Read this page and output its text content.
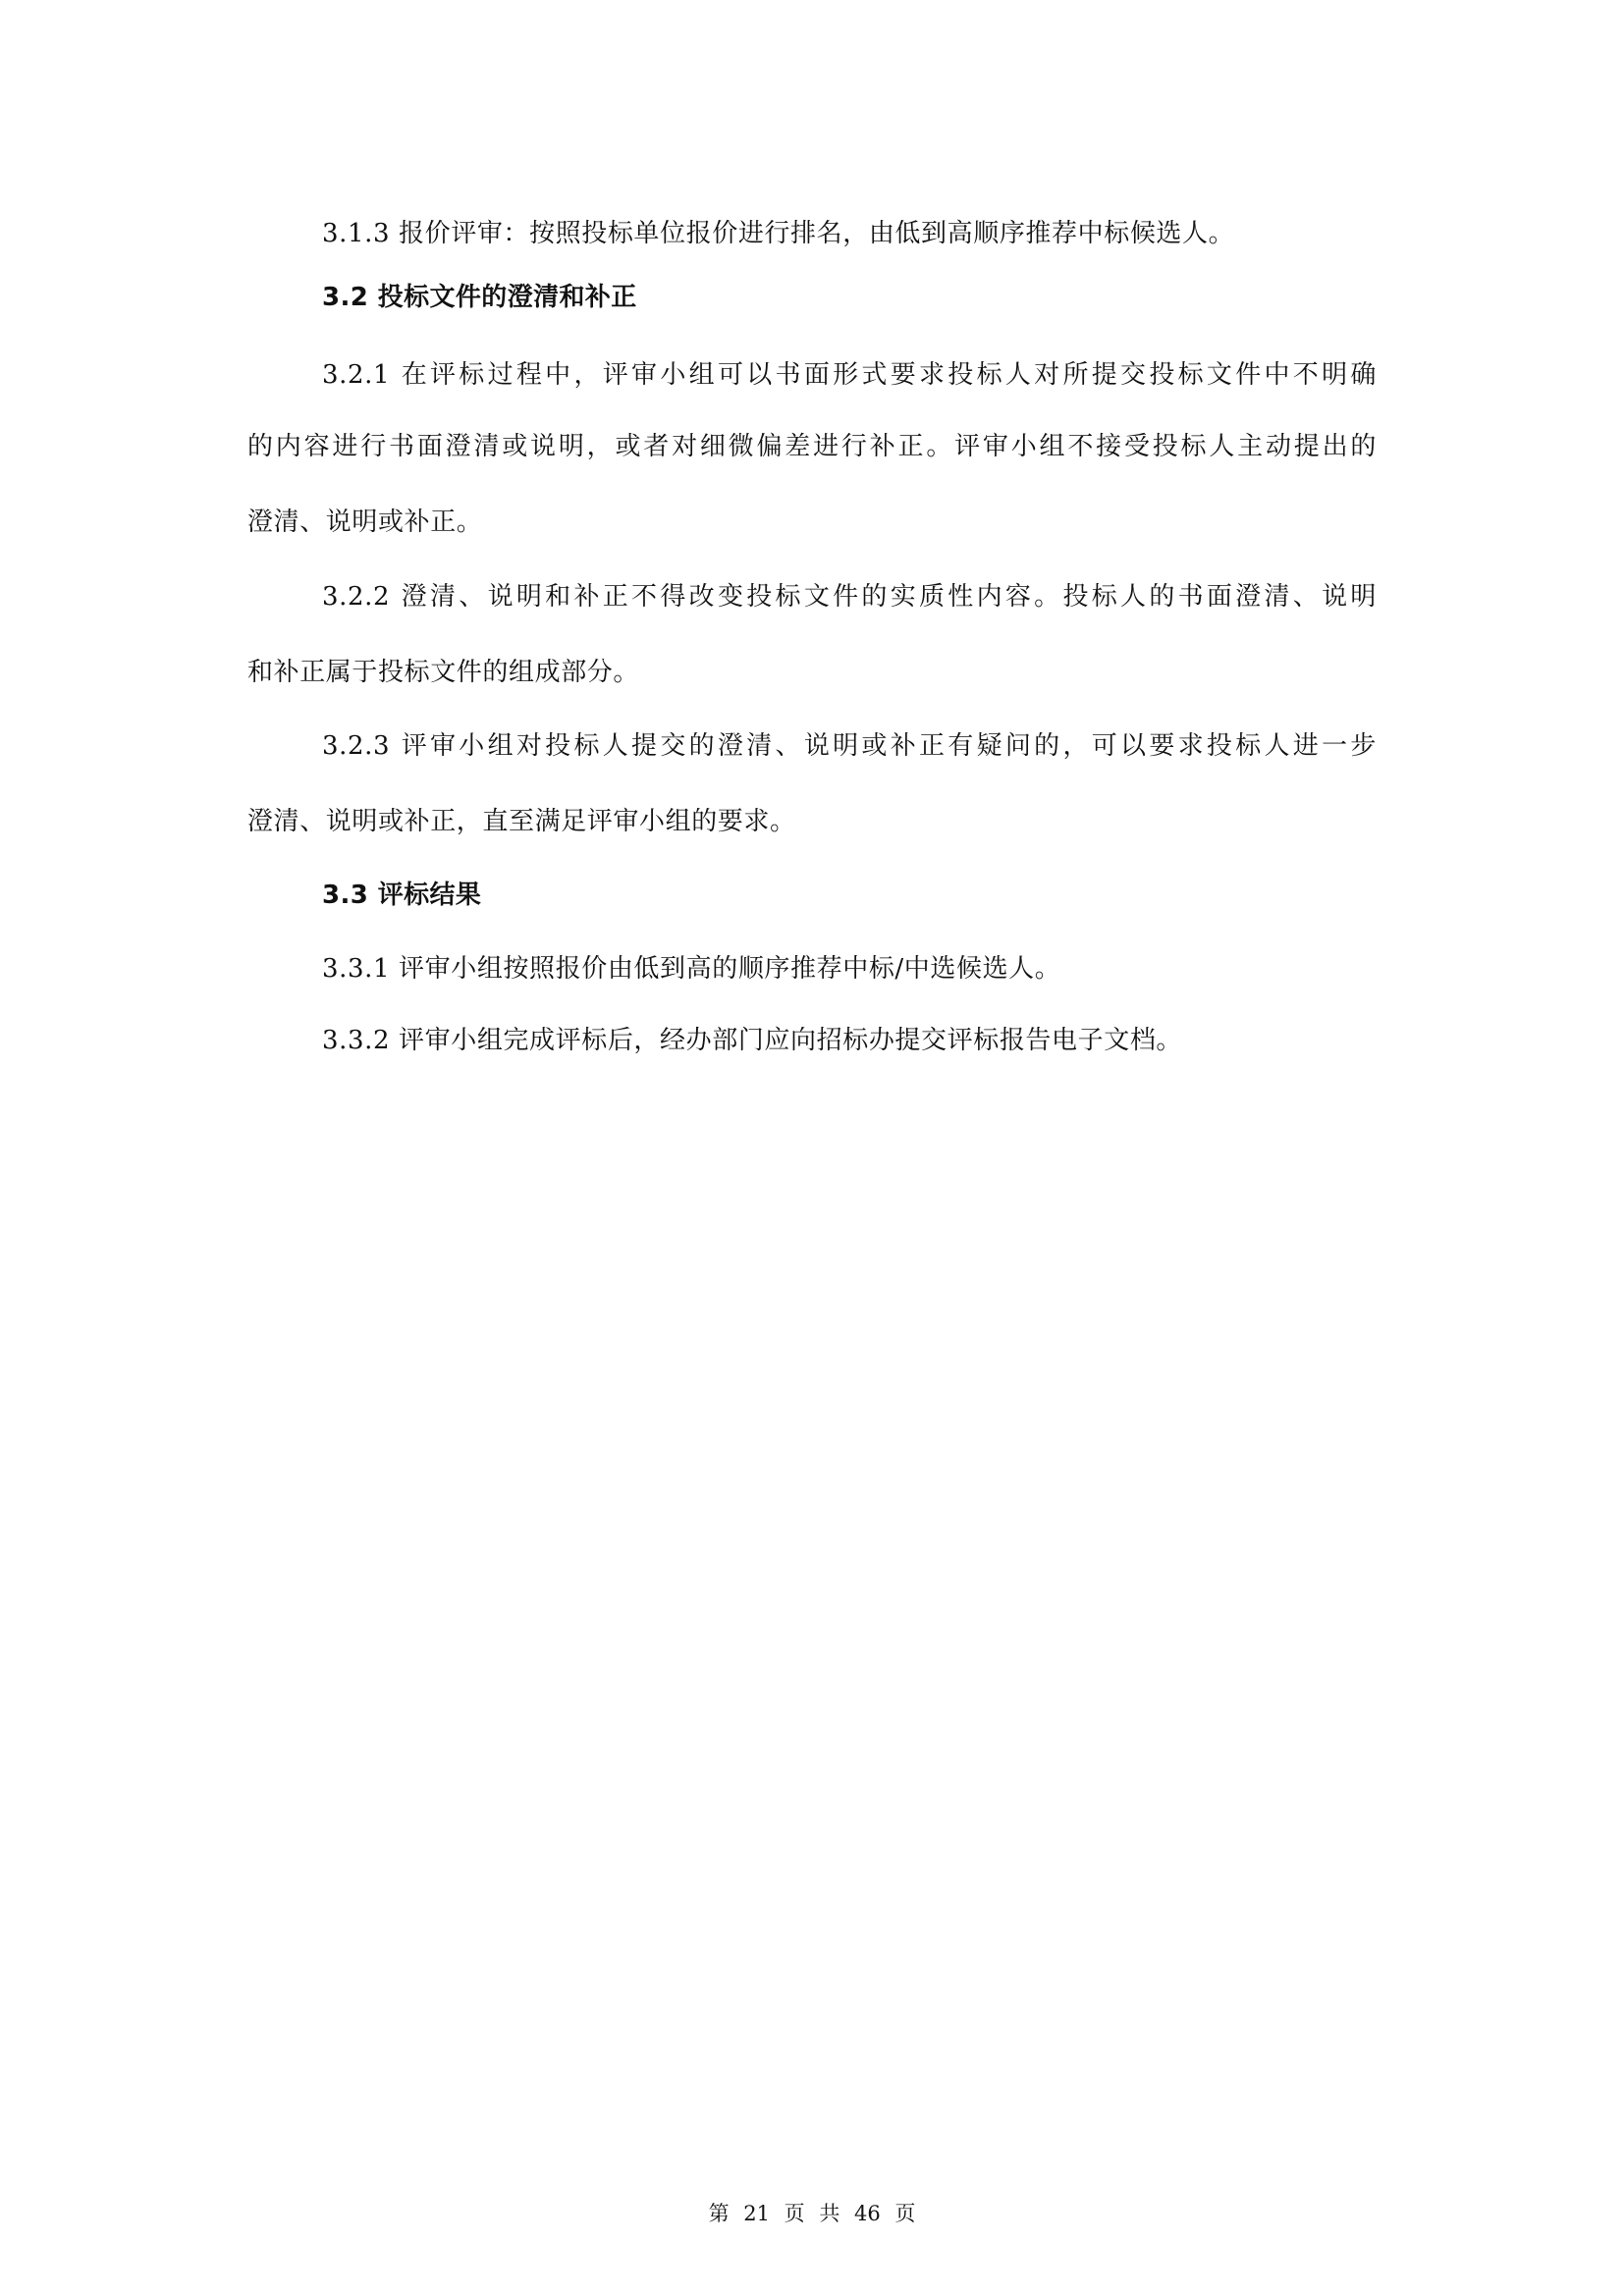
3.1.3 报价评审：按照投标单位报价进行排名，由低到高顺序推荐中标候选人。
3.2 投标文件的澄清和补正
3.2.1 在评标过程中，评审小组可以书面形式要求投标人对所提交投标文件中不明确
的内容进行书面澄清或说明，或者对细微偏差进行补正。评审小组不接受投标人主动提出的
澄清、说明或补正。
3.2.2 澄清、说明和补正不得改变投标文件的实质性内容。投标人的书面澄清、说明
和补正属于投标文件的组成部分。
3.2.3 评审小组对投标人提交的澄清、说明或补正有疑问的，可以要求投标人进一步
澄清、说明或补正，直至满足评审小组的要求。
3.3 评标结果
3.3.1 评审小组按照报价由低到高的顺序推荐中标/中选候选人。
3.3.2 评审小组完成评标后，经办部门应向招标办提交评标报告电子文档。
第 21 页 共 46 页
